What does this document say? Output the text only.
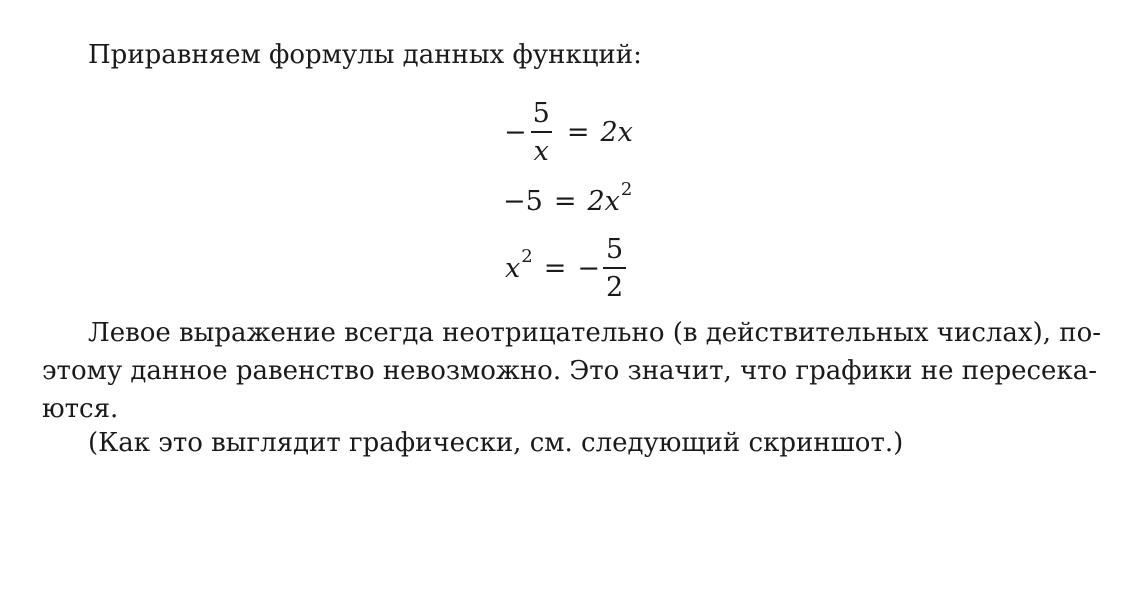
Приравняем формулы данных функций:
− $\frac{5}{x} = 2x$
−5 = 2x 2
x 2 = − $\frac{5}{2}$
Левое выражение всегда неотрицательно (в действительных числах), по-
этому данное равенство невозможно. Это значит, что графики не пересека-
ются.
(Как это выглядит графически, см. следующий скриншот.)
